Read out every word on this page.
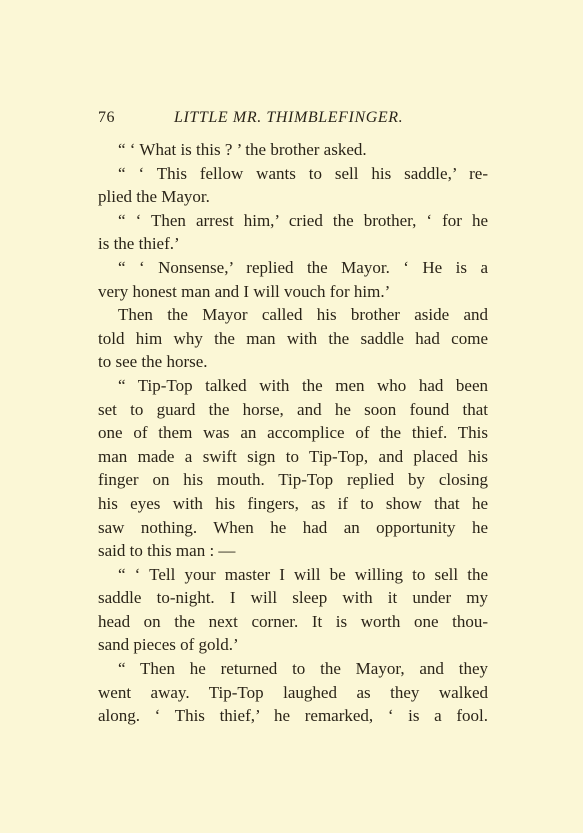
76	LITTLE MR. THIMBLEFINGER.
“ ‘ What is this ? ’ the brother asked.
“ ‘ This fellow wants to sell his saddle,’ re-
plied the Mayor.
“ ‘ Then arrest him,’ cried the brother, ‘ for he
is the thief.’
“ ‘ Nonsense,’ replied the Mayor. ‘ He is a
very honest man and I will vouch for him.’
Then the Mayor called his brother aside and
told him why the man with the saddle had come
to see the horse.
“ Tip-Top talked with the men who had been
set to guard the horse, and he soon found that
one of them was an accomplice of the thief. This
man made a swift sign to Tip-Top, and placed his
finger on his mouth. Tip-Top replied by closing
his eyes with his fingers, as if to show that he
saw nothing. When he had an opportunity he
said to this man : —
“ ‘ Tell your master I will be willing to sell the
saddle to-night. I will sleep with it under my
head on the next corner. It is worth one thou-
sand pieces of gold.’
“ Then he returned to the Mayor, and they
went away. Tip-Top laughed as they walked
along. ‘ This thief,’ he remarked, ‘ is a fool.
